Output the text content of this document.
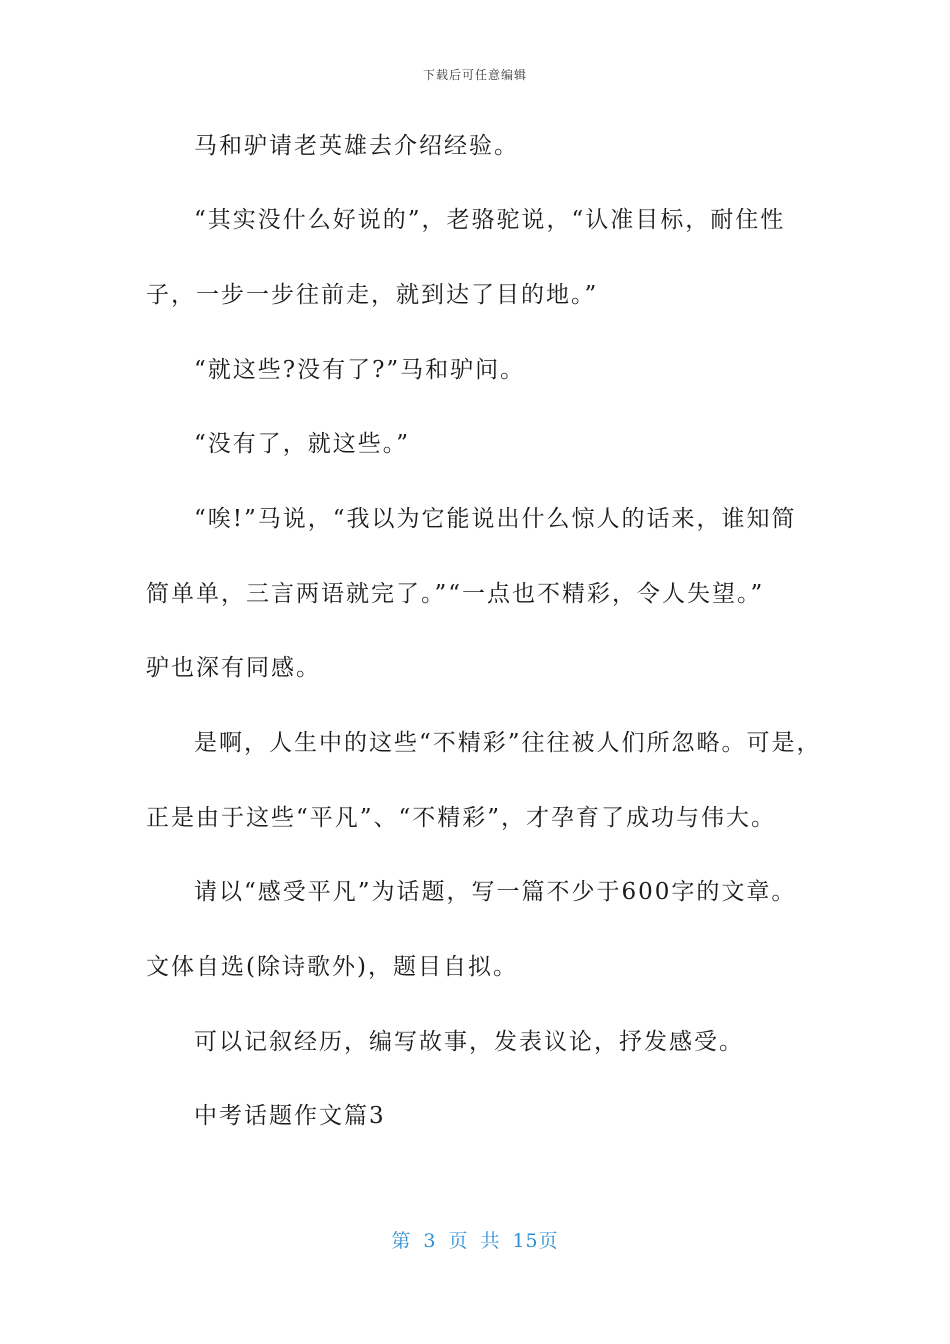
下载后可任意编辑
马和驴请老英雄去介绍经验。
“其实没什么好说的”，老骆驼说，“认准目标，耐住性
子，一步一步往前走，就到达了目的地。”
“就这些?没有了?”马和驴问。
“没有了，就这些。”
“唉!”马说，“我以为它能说出什么惊人的话来，谁知简
简单单，三言两语就完了。”“一点也不精彩，令人失望。”
驴也深有同感。
是啊，人生中的这些“不精彩”往往被人们所忽略。可是，
正是由于这些“平凡”、“不精彩”，才孕育了成功与伟大。
请以“感受平凡”为话题，写一篇不少于600字的文章。
文体自选(除诗歌外)，题目自拟。
可以记叙经历，编写故事，发表议论，抒发感受。
中考话题作文篇3
第 3 页 共 15页
